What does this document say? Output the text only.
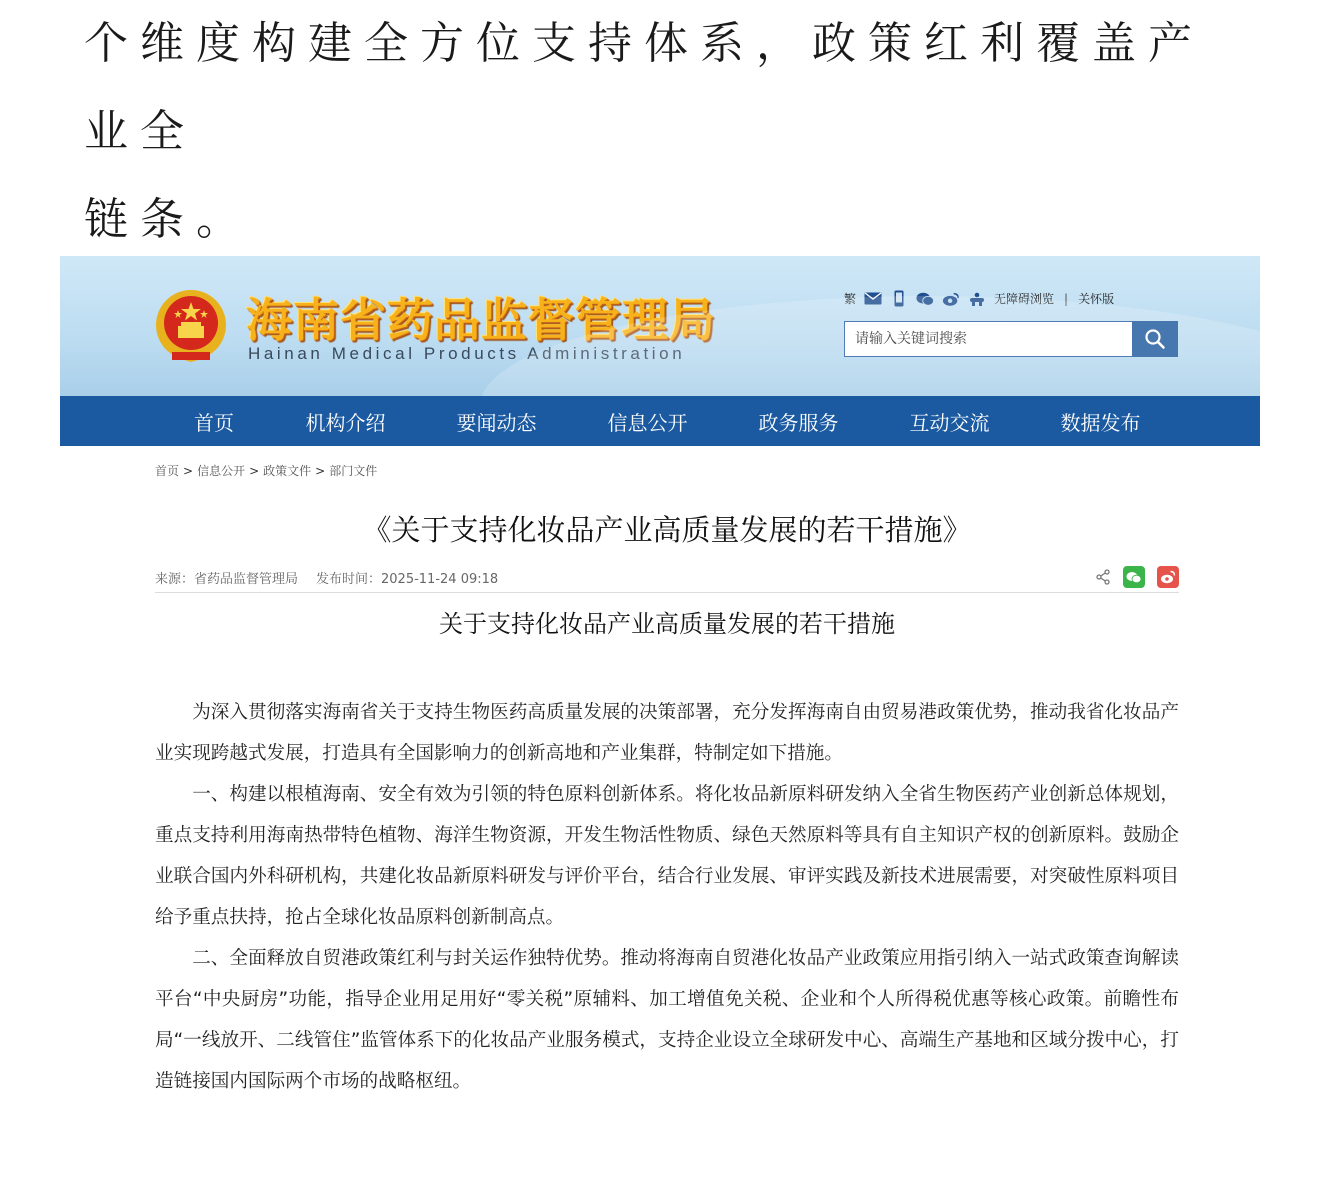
个维度构建全方位支持体系，政策红利覆盖产业全

链条。

海南省药品监督管理局
Hainan Medical Products Administration
繁	无障碍浏览 | 关怀版
请输入关键词搜索
首页	机构介绍	要闻动态	信息公开	政务服务	互动交流	数据发布
首页 > 信息公开 > 政策文件 > 部门文件
《关于支持化妆品产业高质量发展的若干措施》
来源：省药品监督管理局 发布时间：2025-11-24 09:18
关于支持化妆品产业高质量发展的若干措施

为深入贯彻落实海南省关于支持生物医药高质量发展的决策部署，充分发挥海南自由贸易港政策优势，推动我省化妆品产业实现跨越式发展，打造具有全国影响力的创新高地和产业集群，特制定如下措施。

一、构建以根植海南、安全有效为引领的特色原料创新体系。将化妆品新原料研发纳入全省生物医药产业创新总体规划，重点支持利用海南热带特色植物、海洋生物资源，开发生物活性物质、绿色天然原料等具有自主知识产权的创新原料。鼓励企业联合国内外科研机构，共建化妆品新原料研发与评价平台，结合行业发展、审评实践及新技术进展需要，对突破性原料项目给予重点扶持，抢占全球化妆品原料创新制高点。

二、全面释放自贸港政策红利与封关运作独特优势。推动将海南自贸港化妆品产业政策应用指引纳入一站式政策查询解读平台“中央厨房”功能，指导企业用足用好“零关税”原辅料、加工增值免关税、企业和个人所得税优惠等核心政策。前瞻性布局“一线放开、二线管住”监管体系下的化妆品产业服务模式，支持企业设立全球研发中心、高端生产基地和区域分拨中心，打造链接国内国际两个市场的战略枢纽。
